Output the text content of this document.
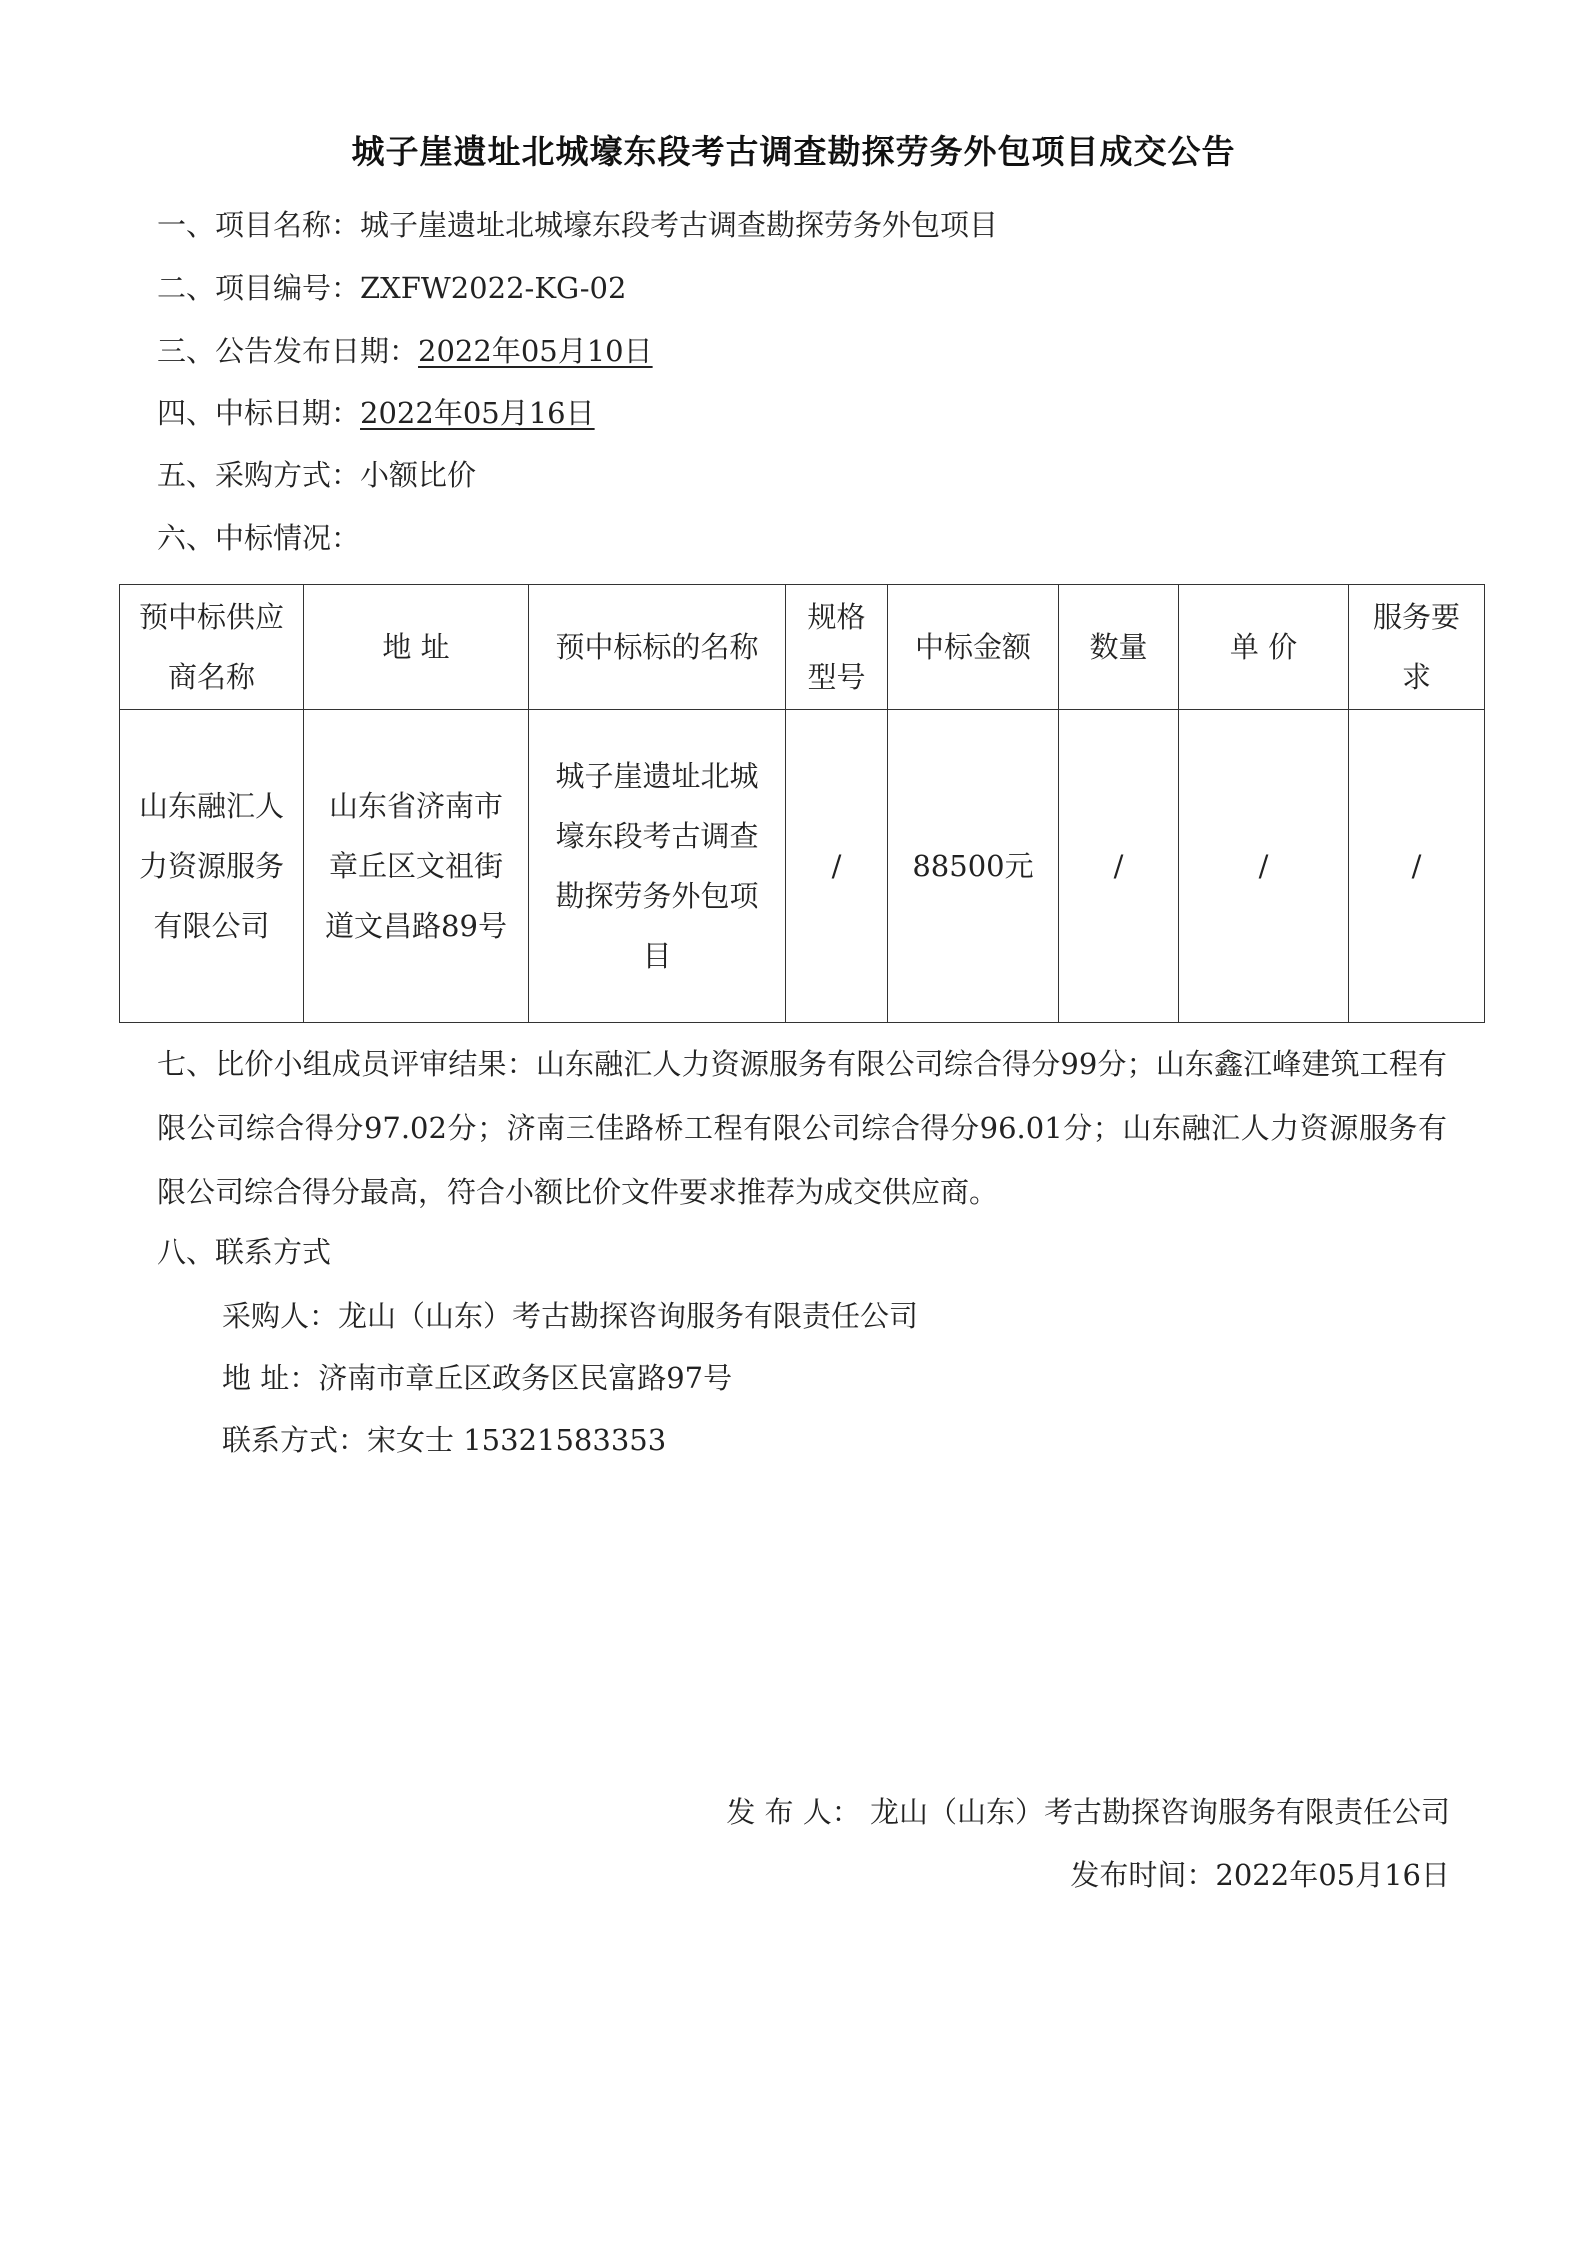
城子崖遗址北城壕东段考古调查勘探劳务外包项目成交公告
一、项目名称：城子崖遗址北城壕东段考古调查勘探劳务外包项目
二、项目编号：ZXFW2022-KG-02
三、公告发布日期：2022年05月10日
四、中标日期：2022年05月16日
五、采购方式：小额比价
六、中标情况：
预中标供应商名称	地 址	预中标标的名称	规格型号	中标金额	数量	单 价	服务要求
山东融汇人力资源服务有限公司	山东省济南市章丘区文祖街道文昌路89号	城子崖遗址北城壕东段考古调查勘探劳务外包项目	/	88500元	/	/	/
七、比价小组成员评审结果：山东融汇人力资源服务有限公司综合得分99分；山东鑫江峰建筑工程有限公司综合得分97.02分；济南三佳路桥工程有限公司综合得分96.01分；山东融汇人力资源服务有限公司综合得分最高，符合小额比价文件要求推荐为成交供应商。
八、联系方式
采购人：龙山（山东）考古勘探咨询服务有限责任公司
地 址：济南市章丘区政务区民富路97号
联系方式：宋女士 15321583353
发 布 人： 龙山（山东）考古勘探咨询服务有限责任公司
发布时间：2022年05月16日
